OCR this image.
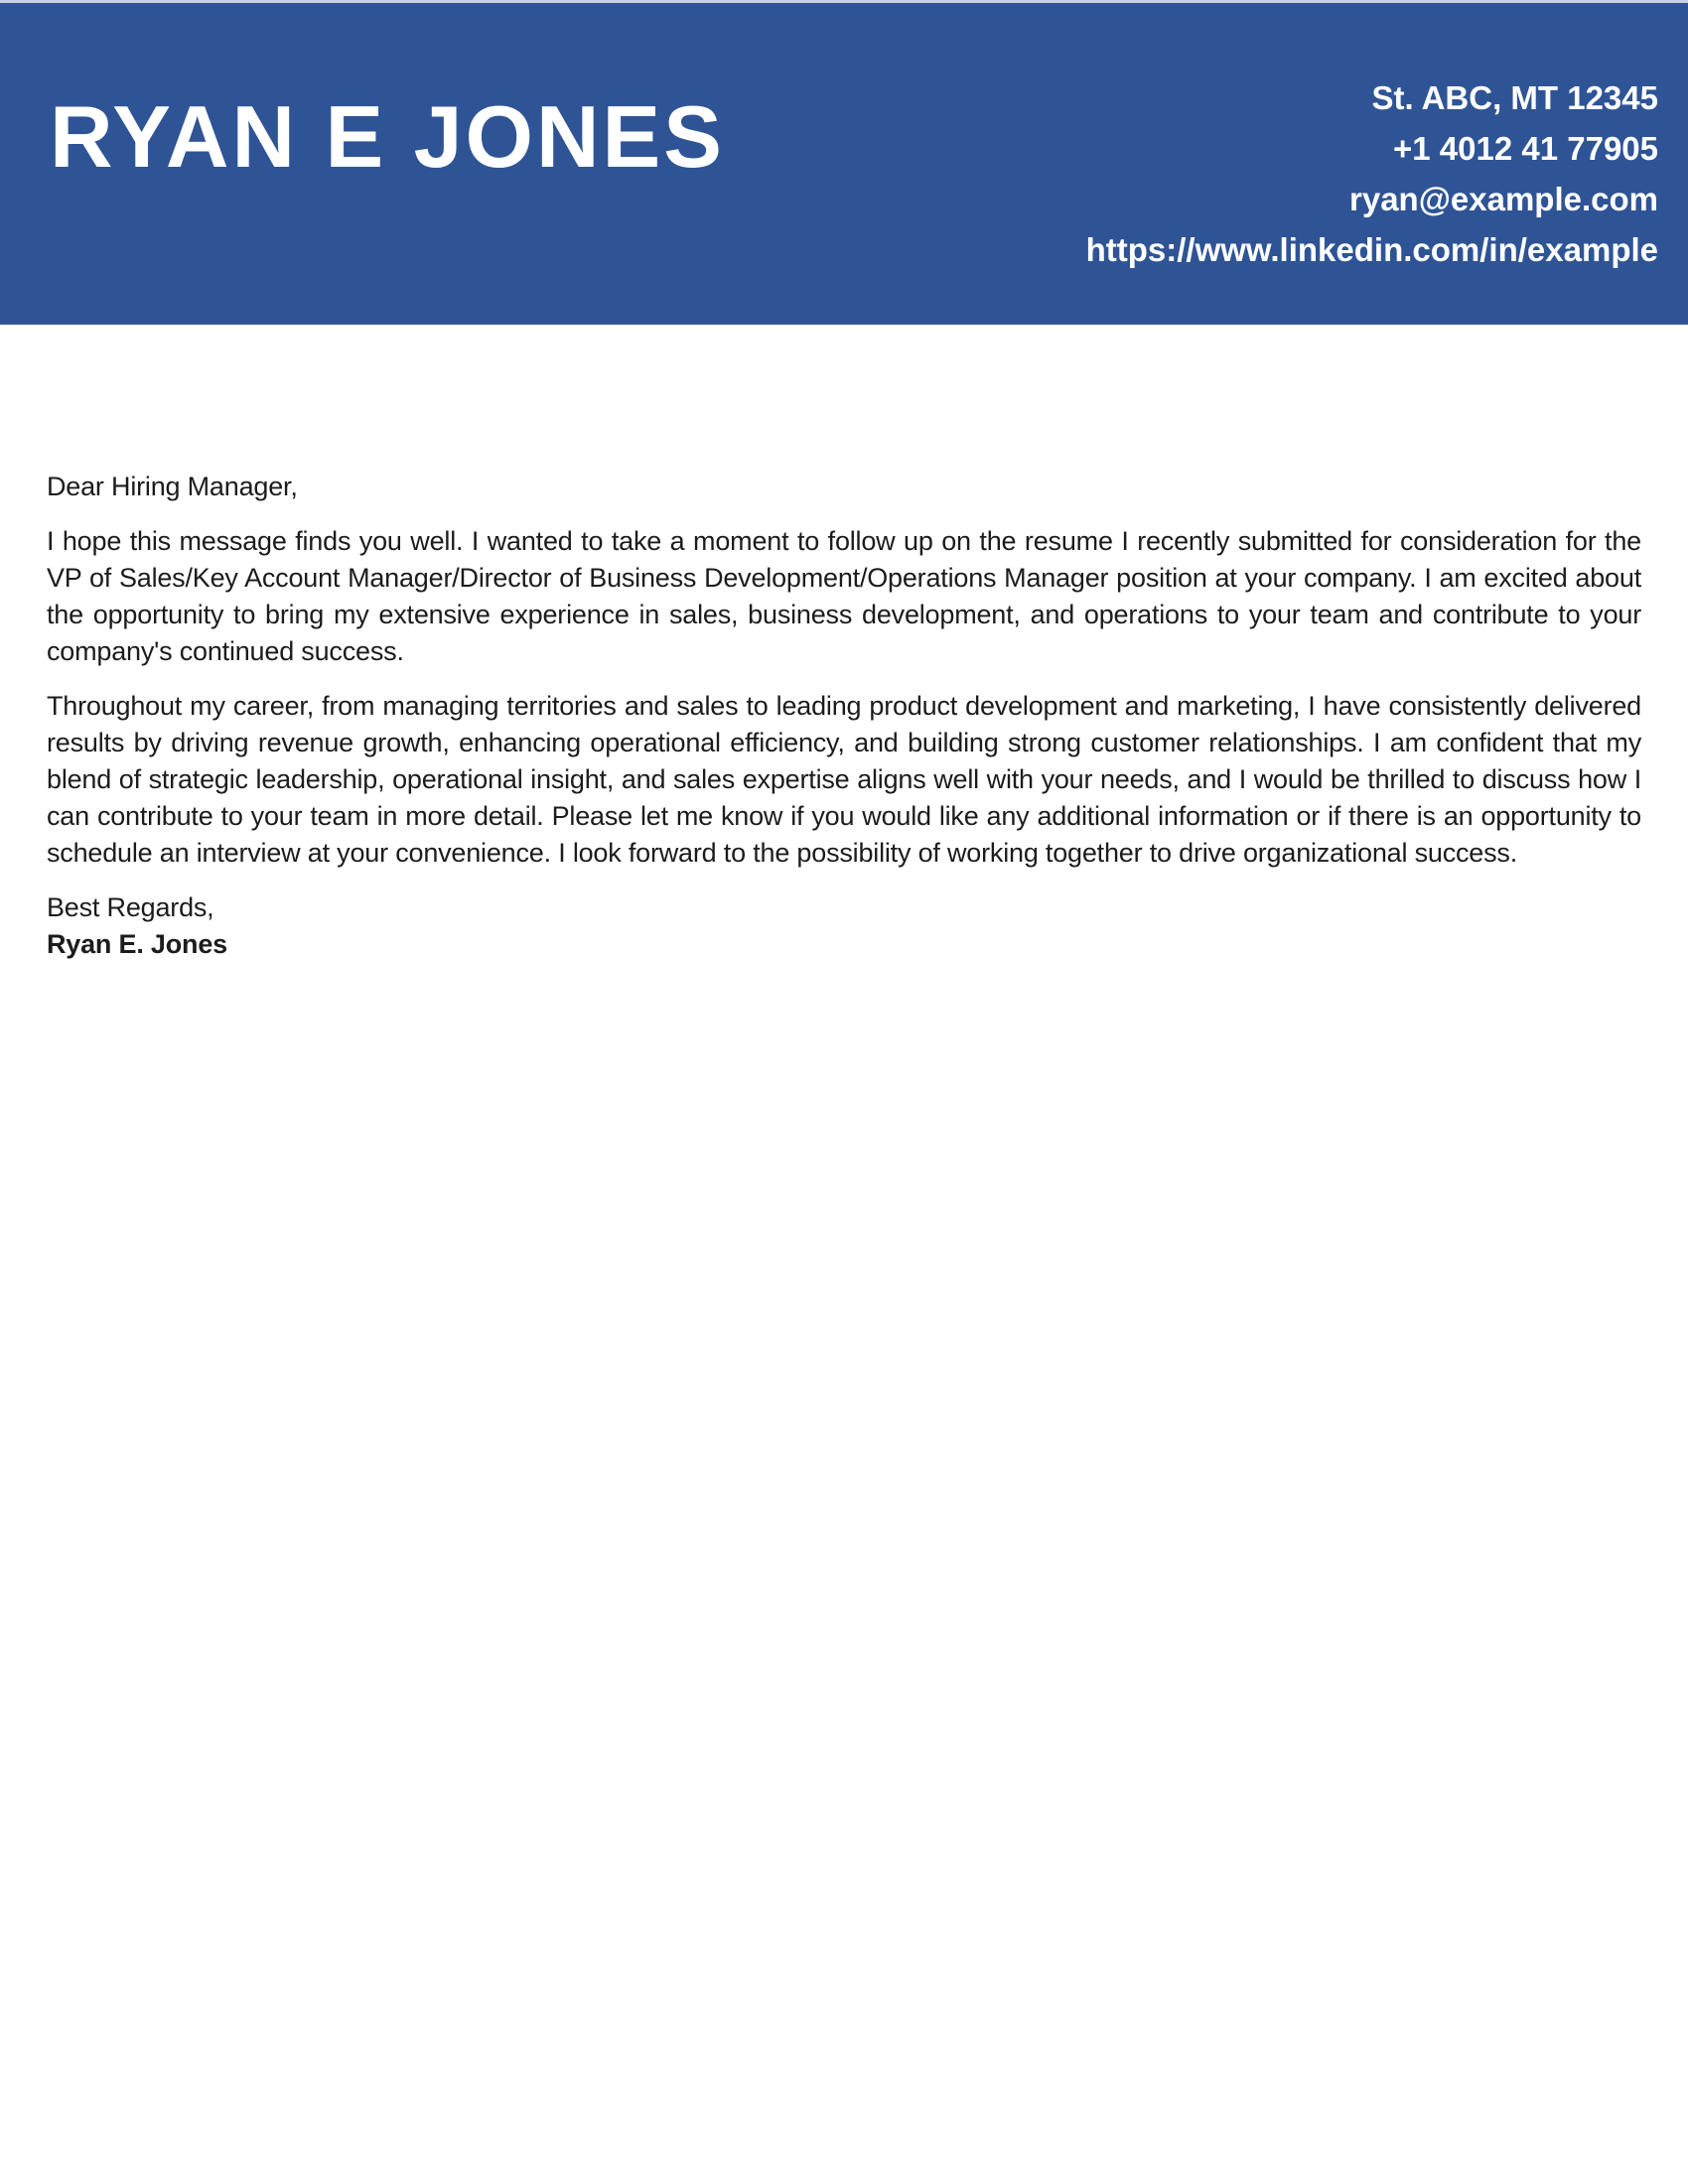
RYAN E JONES	St. ABC, MT 12345
+1 4012 41 77905
ryan@example.com
https://www.linkedin.com/in/example

Dear Hiring Manager,

I hope this message finds you well. I wanted to take a moment to follow up on the resume I recently submitted for consideration for the VP of Sales/Key Account Manager/Director of Business Development/Operations Manager position at your company. I am excited about the opportunity to bring my extensive experience in sales, business development, and operations to your team and contribute to your company's continued success.

Throughout my career, from managing territories and sales to leading product development and marketing, I have consistently delivered results by driving revenue growth, enhancing operational efficiency, and building strong customer relationships. I am confident that my blend of strategic leadership, operational insight, and sales expertise aligns well with your needs, and I would be thrilled to discuss how I can contribute to your team in more detail. Please let me know if you would like any additional information or if there is an opportunity to schedule an interview at your convenience. I look forward to the possibility of working together to drive organizational success.

Best Regards,
Ryan E. Jones
